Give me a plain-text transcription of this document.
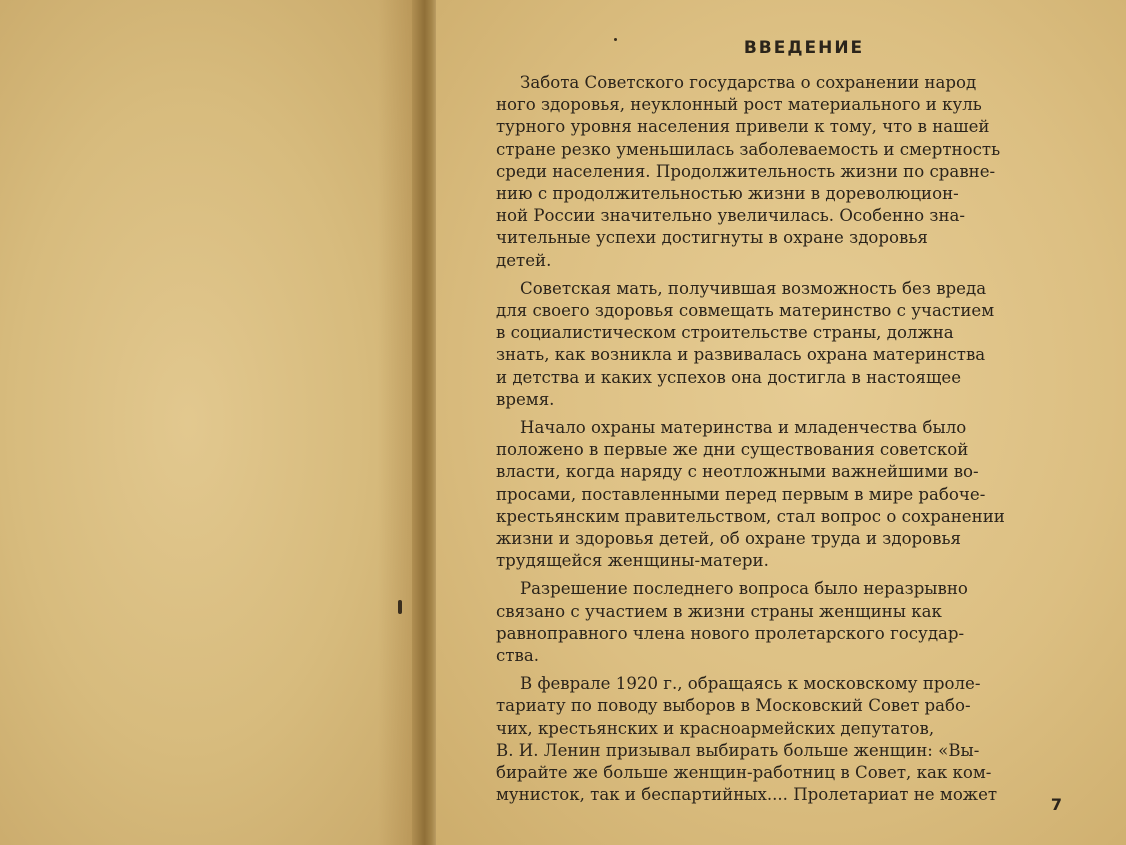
ВВЕДЕНИЕ

Забота Советского государства о сохранении народ
ного здоровья, неуклонный рост материального и куль
турного уровня населения привели к тому, что в нашей
стране резко уменьшилась заболеваемость и смертность
среди населения. Продолжительность жизни по сравне-
нию с продолжительностью жизни в дореволюцион-
ной России значительно увеличилась. Особенно зна-
чительные успехи достигнуты в охране здоровья
детей.

Советская мать, получившая возможность без вреда
для своего здоровья совмещать материнство с участием
в социалистическом строительстве страны, должна
знать, как возникла и развивалась охрана материнства
и детства и каких успехов она достигла в настоящее
время.

Начало охраны материнства и младенчества было
положено в первые же дни существования советской
власти, когда наряду с неотложными важнейшими во-
просами, поставленными перед первым в мире рабоче-
крестьянским правительством, стал вопрос о сохранении
жизни и здоровья детей, об охране труда и здоровья
трудящейся женщины-матери.

Разрешение последнего вопроса было неразрывно
связано с участием в жизни страны женщины как
равноправного члена нового пролетарского государ-
ства.

В феврале 1920 г., обращаясь к московскому проле-
тариату по поводу выборов в Московский Совет рабо-
чих, крестьянских и красноармейских депутатов,
В. И. Ленин призывал выбирать больше женщин: «Вы-
бирайте же больше женщин-работниц в Совет, как ком-
мунисток, так и беспартийных.... Пролетариат не может

7
